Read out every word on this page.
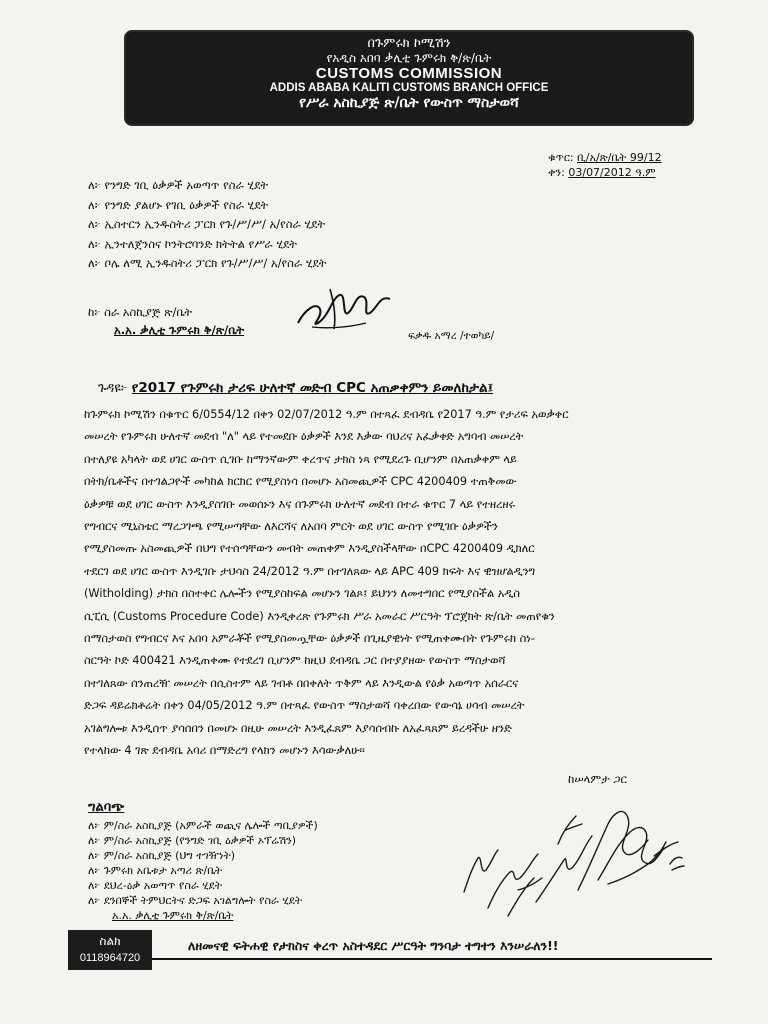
በጉምሩክ ኮሚሽን
የአዲስ አበባ ቃሊቲ ጉምሩክ ቅ/ጽ/ቤት
CUSTOMS COMMISSION
ADDIS ABABA KALITI CUSTOMS BRANCH OFFICE
የሥራ አስኪያጅ ጽ/ቤት የውስጥ ማስታወሻ
ቁጥር: ቢ/አ/ጽ/ቤት 99/12
ቀን: 03/07/2012 ዓ.ም
ለ፦ የንግድ ገቢ ዕቃዎች አወጣጥ የስራ ሂደት
ለ፦ የንግድ ያልሆኑ የገቢ ዕቃዎች የስራ ሂደት
ለ፦ ኢስተርን ኢንዱስትሪ ፓርክ የጉ/ሥ/ሥ/ አ/የስራ ሂደት
ለ፦ ኢንተለጀንስና ኮንትሮባንድ ክትትል የሥራ ሂደት
ለ፦ ቦሌ ለሚ ኢንዱስትሪ ፓርክ የጉ/ሥ/ሥ/ አ/የስራ ሂደት
ከ፦ ስራ አስኪያጅ ጽ/ቤት
አ.አ. ቃሊቲ ጉምሩክ ቅ/ጽ/ቤት	ፍቃዱ አማረ /ተወካይ/
ጉዳዩ፦ የ2017 የጉምሩክ ታሪፍ ሁለተኛ መድብ CPC አጠቃቀምን ይመለከታል፤
ከጉምሩክ ኮሚሽን በቁጥር 6/0554/12 በቀን 02/07/2012 ዓ.ም በተጻፈ ደብዳቤ የ2017 ዓ.ም የታሪፍ አወቃቀር
መሠረት የጉምሩክ ሁለተኛ መደብ "ለ" ላይ የተመደቡ ዕቃዎች እንደ እቃው ባህሪና አፈቃቀድ አግባብ መሠረት
በተለያዩ አካላት ወደ ሀገር ውስጥ ሲገቡ ከማንኛውም ቀረጥና ታክስ ነጻ የሚደረጉ ቢሆንም በአጠቃቀም ላይ
በትክ/ቤቶችና በተገልጋዮች መካከል ክርክር የሚያስነሳ በመሆኑ አስመጪዎች CPC 4200409 ተጠቅመው
ዕቃዎቹ ወደ ሀገር ውስጥ እንዲያስገቡ መወሰኑን እና በጉምሩክ ሁለተኛ መደብ በተራ ቁጥር 7 ላይ የተዘረዘሩ
የግብርና ሚኒስቴር ማረጋገጫ የሚሠጣቸው ለእርሻና ለአበባ ምርት ወደ ሀገር ውስጥ የሚገቡ ዕቃዎችን
የሚያስመጡ አስመጪዎች በህግ የተሰጣቸውን መብት መጠቀም እንዲያስችላቸው በCPC 4200409 ዲክለር
ተደርገ ወደ ሀገር ውስጥ እንዲገቡ ታህሳስ 24/2012 ዓ.ም በተገለጸው ላይ APC 409 ክፍት እና ዊዝሆልዲንግ
(Witholding) ታክስ በስተቀር ሌሎችን የሚያስከፍል መሆኑን ገልጾ፤ ይህንን ለመተግበር የሚያስችል አዲስ
ሲፒሲ (Customs Procedure Code) እንዲቀረጽ የጉምሩክ ሥራ አመራር ሥርዓት ፕሮጀክት ጽ/ቤት መጠየቁን
በማስታወስ የግብርና እና አበባ አምራቾች የሚያስመጧቸው ዕቃዎች በጊዜያዊነት የሚጠቀሙበት የጉምሩክ ስነ-
ስርዓት ኮድ 400421 እንዲጠቀሙ የተደረገ ቢሆንም ከዚህ ደብዳቤ ጋር በተያያዘው የውስጥ ማስታወሻ
በተገለጸው ሰንጠረዥ መሠረት በሲስተም ላይ ገብቶ በበቀለት ጥቅም ላይ እንዲውል የዕቃ አወጣጥ አሰራርና
ድጋፍ ዳይሬክቶሬት በቀን 04/05/2012 ዓ.ም በተጻፈ የውስጥ ማስታወሻ ባቀረበው የውሳኔ ሀሳብ መሠረት
አገልግሎቱ እንዲሰጥ ያሳሰበን በመሆኑ በዚሁ መሠረት እንዲፈጸም እያሳሰብኩ ለአፈጻጸም ይረዳችሁ ዘንድ
የተላከው 4 ገጽ ደብዳቤ አባሪ በማድረግ የላክን መሆኑን እሳውቃለሁ፡፡
ከሠላምታ ጋር
ግልባጭ
ለ፦ ም/ስራ አስኪያጅ (አምራች ወጪና ሌሎች ጣቢያዎች)
ለ፦ ም/ስራ አስኪያጅ (የንግድ ገቢ ዕቃዎች ኦፕሬሽን)
ለ፦ ም/ስራ አስኪያጅ (ህግ ተገዥነት)
ለ፦ ጉምሩክ አቤቱታ አጣሪ ጽ/ቤት
ለ፦ ደህረ-ዕቃ አወጣጥ የስራ ሂደት
ለ፦ ደንበኞች ትምህርትና ድጋፍ አገልግሎት የስራ ሂደት
አ.አ. ቃሊቲ ጉምሩክ ቅ/ጽ/ቤት
ስልክ
0118964720
ለዘመናዊ ፍትሐዊ የታክስና ቀረጥ አስተዳደር ሥርዓት ግንባታ ተግተን እንሠራለን!!
